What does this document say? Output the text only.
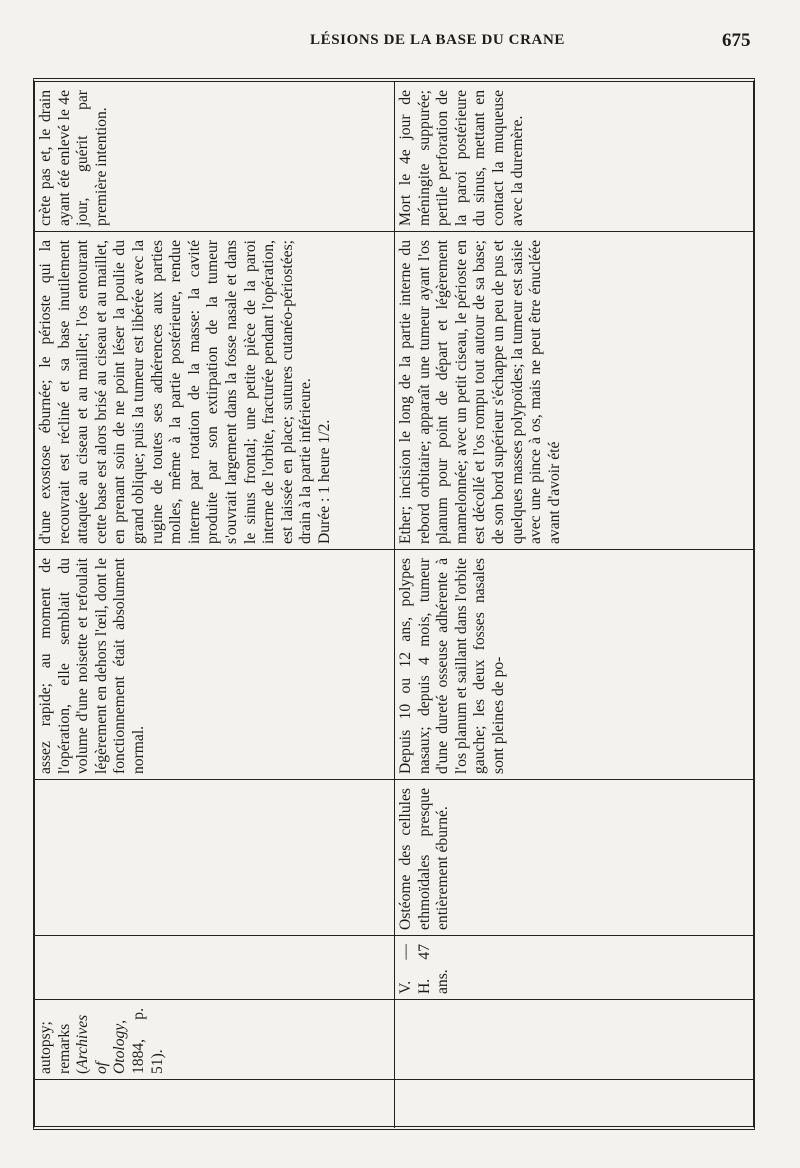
LÉSIONS DE LA BASE DU CRANE	675

crète pas et, le drain ayant été enlevé le 4e jour, guérit par première intention.	Mort le 4e jour de méningite suppurée; pertile perforation de la paroi postérieure du sinus, mettant en contact la muqueuse avec la duremère.

d'une exostose éburnée; le périoste qui la recouvrait est récliné et sa base inutilement attaquée au ciseau et au maillet; l'os entourant cette base est alors brisé au ciseau et au maillet, en prenant soin de ne point léser la poulie du grand oblique; puis la tumeur est libérée avec la rugine de toutes ses adhérences aux parties molles, même à la partie postérieure, rendue interne par rotation de la masse: la cavité produite par son extirpation de la tumeur s'ouvrait largement dans la fosse nasale et dans le sinus frontal; une petite pièce de la paroi interne de l'orbite, fracturée pendant l'opération, est laissée en place; sutures cutanéo-périostées; drain à la partie inférieure. Durée : 1 heure 1/2.	Ether; incision le long de la partie interne du rebord orbitaire; apparaît une tumeur ayant l'os planum pour point de départ et légèrement mamelonnée; avec un petit ciseau, le périoste en est décollé et l'os rompu tout autour de sa base; de son bord supérieur s'échappe un peu de pus et quelques masses polypoïdes; la tumeur est saisie avec une pince à os, mais ne peut être énucléée avant d'avoir été

assez rapide; au moment de l'opération, elle semblait du volume d'une noisette et refoulait légèrement en dehors l'œil, dont le fonctionnement était absolument normal.	Depuis 10 ou 12 ans, polypes nasaux; depuis 4 mois, tumeur d'une dureté osseuse adhérente à l'os planum et saillant dans l'orbite gauche; les deux fosses nasales sont pleines de po-

Ostéome des cellules ethmoïdales presque entièrement éburné.

V. — H. 47 ans.

autopsy; remarks (Archives of Otology, 1884, p. 51).
